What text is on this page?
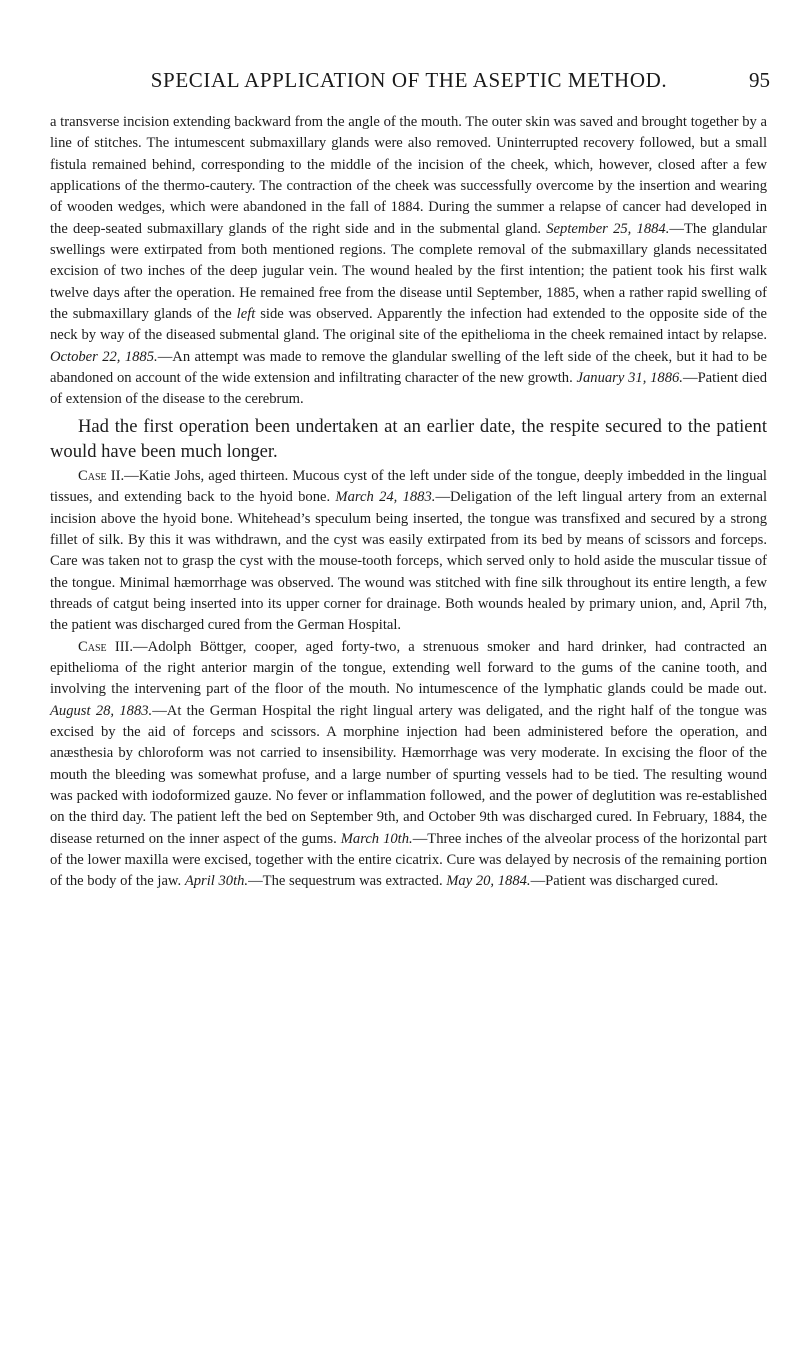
SPECIAL APPLICATION OF THE ASEPTIC METHOD.	95

a transverse incision extending backward from the angle of the mouth. The outer skin was saved and brought together by a line of stitches. The intumescent submaxillary glands were also removed. Uninterrupted recovery followed, but a small fistula remained behind, corresponding to the middle of the incision of the cheek, which, however, closed after a few applications of the thermo-cautery. The contraction of the cheek was successfully overcome by the insertion and wearing of wooden wedges, which were abandoned in the fall of 1884. During the summer a relapse of cancer had developed in the deep-seated submaxillary glands of the right side and in the submental gland. September 25, 1884.—The glandular swellings were extirpated from both mentioned regions. The complete removal of the submaxillary glands necessitated excision of two inches of the deep jugular vein. The wound healed by the first intention; the patient took his first walk twelve days after the operation. He remained free from the disease until September, 1885, when a rather rapid swelling of the submaxillary glands of the left side was observed. Apparently the infection had extended to the opposite side of the neck by way of the diseased submental gland. The original site of the epithelioma in the cheek remained intact by relapse. October 22, 1885.—An attempt was made to remove the glandular swelling of the left side of the cheek, but it had to be abandoned on account of the wide extension and infiltrating character of the new growth. January 31, 1886.—Patient died of extension of the disease to the cerebrum.

Had the first operation been undertaken at an earlier date, the respite secured to the patient would have been much longer.

Case II.—Katie Johs, aged thirteen. Mucous cyst of the left under side of the tongue, deeply imbedded in the lingual tissues, and extending back to the hyoid bone. March 24, 1883.—Deligation of the left lingual artery from an external incision above the hyoid bone. Whitehead’s speculum being inserted, the tongue was transfixed and secured by a strong fillet of silk. By this it was withdrawn, and the cyst was easily extirpated from its bed by means of scissors and forceps. Care was taken not to grasp the cyst with the mouse-tooth forceps, which served only to hold aside the muscular tissue of the tongue. Minimal hæmorrhage was observed. The wound was stitched with fine silk throughout its entire length, a few threads of catgut being inserted into its upper corner for drainage. Both wounds healed by primary union, and, April 7th, the patient was discharged cured from the German Hospital.

Case III.—Adolph Böttger, cooper, aged forty-two, a strenuous smoker and hard drinker, had contracted an epithelioma of the right anterior margin of the tongue, extending well forward to the gums of the canine tooth, and involving the intervening part of the floor of the mouth. No intumescence of the lymphatic glands could be made out. August 28, 1883.—At the German Hospital the right lingual artery was deligated, and the right half of the tongue was excised by the aid of forceps and scissors. A morphine injection had been administered before the operation, and anæsthesia by chloroform was not carried to insensibility. Hæmorrhage was very moderate. In excising the floor of the mouth the bleeding was somewhat profuse, and a large number of spurting vessels had to be tied. The resulting wound was packed with iodoformized gauze. No fever or inflammation followed, and the power of deglutition was re-established on the third day. The patient left the bed on September 9th, and October 9th was discharged cured. In February, 1884, the disease returned on the inner aspect of the gums. March 10th.—Three inches of the alveolar process of the horizontal part of the lower maxilla were excised, together with the entire cicatrix. Cure was delayed by necrosis of the remaining portion of the body of the jaw. April 30th.—The sequestrum was extracted. May 20, 1884.—Patient was discharged cured.
